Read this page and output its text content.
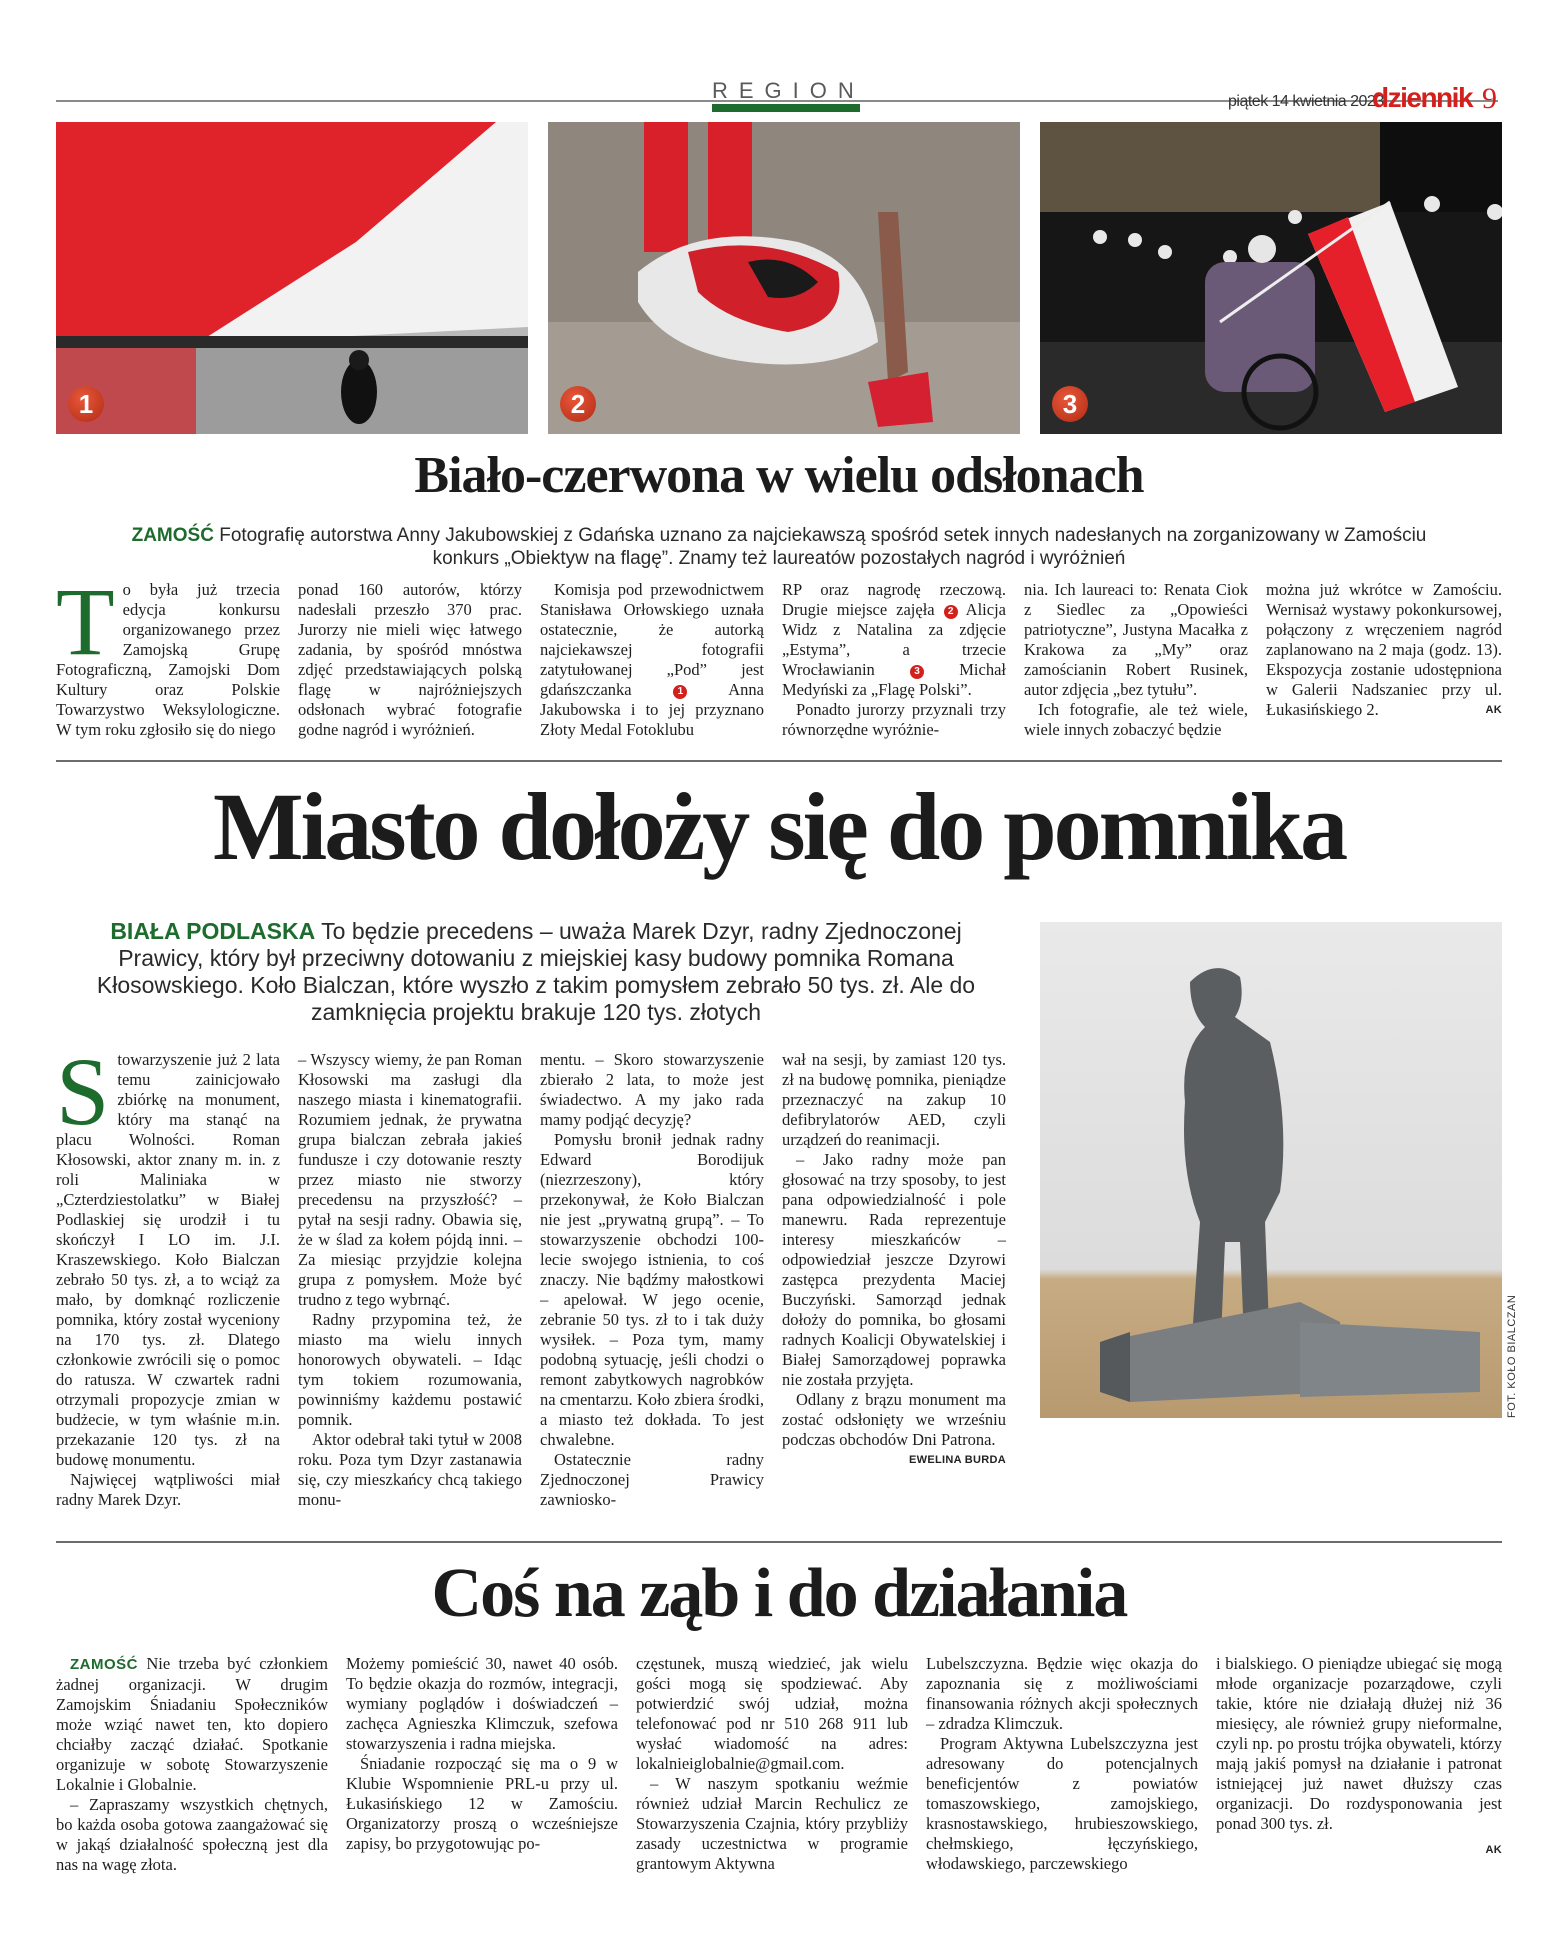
REGION	piątek 14 kwietnia 2023
dziennik 9
1	2	3
Biało-czerwona w wielu odsłonach
ZAMOŚĆ Fotografię autorstwa Anny Jakubowskiej z Gdańska uznano za najciekawszą spośród setek innych nadesłanych na zorganizowany w Zamościu
konkurs „Obiektyw na flagę”. Znamy też laureatów pozostałych nagród i wyróżnień
T o była już trzecia edycja konkursu organizowanego przez Zamojską Grupę Fotograficzną, Zamojski Dom Kultury oraz Polskie Towarzystwo Weksylologiczne. W tym roku zgłosiło się do niego

ponad 160 autorów, którzy nadesłali przeszło 370 prac. Jurorzy nie mieli więc łatwego zadania, by spośród mnóstwa zdjęć przedstawiających polską flagę w najróżniejszych odsłonach wybrać fotografie godne nagród i wyróżnień.

Komisja pod przewodnictwem Stanisława Orłowskiego uznała ostatecznie, że autorką najciekawszej fotografii zatytułowanej „Pod” jest gdańszczanka	1	Anna Jakubowska i to jej przyznano Złoty Medal Fotoklubu

RP oraz nagrodę rzeczową. Drugie miejsce zajęła 2 Alicja Widz z Natalina za zdjęcie „Estyma”, a trzecie Wrocławianin	3 Michał Medyński za „Flagę Polski”.

Ponadto jurorzy przyznali trzy równorzędne wyróżnie-

nia. Ich laureaci to: Renata Ciok z Siedlec za „Opowieści patriotyczne”, Justyna Macałka z Krakowa za „My” oraz zamościanin Robert Rusinek, autor zdjęcia „bez tytułu”.

Ich fotografie, ale też wiele, wiele innych zobaczyć będzie

można już wkrótce w Zamościu. Wernisaż wystawy pokonkursowej, połączony z wręczeniem nagród zaplanowano na 2 maja (godz. 13). Ekspozycja zostanie udostępniona w Galerii Nadszaniec przy ul. Łukasińskiego 2.	AK

Miasto dołoży się do pomnika
BIAŁA PODLASKA To będzie precedens – uważa Marek Dzyr, radny Zjednoczonej
Prawicy, który był przeciwny dotowaniu z miejskiej kasy budowy pomnika Romana
Kłosowskiego. Koło Bialczan, które wyszło z takim pomysłem zebrało 50 tys. zł. Ale do
zamknięcia projektu brakuje 120 tys. złotych
S towarzyszenie już 2 lata temu zainicjowało zbiórkę na monument, który ma stanąć na placu Wolności. Roman Kłosowski, aktor znany m. in. z roli Maliniaka w „Czterdziestolatku” w Białej Podlaskiej się urodził i tu skończył I LO im. J.I. Kraszewskiego. Koło Bialczan zebrało 50 tys. zł, a to wciąż za mało, by domknąć rozliczenie pomnika, który został wyceniony na 170 tys. zł. Dlatego członkowie zwrócili się o pomoc do ratusza. W czwartek radni otrzymali propozycje zmian w budżecie, w tym właśnie m.in. przekazanie 120 tys. zł na budowę monumentu.

Najwięcej wątpliwości miał radny Marek Dzyr.

– Wszyscy wiemy, że pan Roman Kłosowski ma zasługi dla naszego miasta i kinematografii. Rozumiem jednak, że prywatna grupa bialczan zebrała jakieś fundusze i czy dotowanie reszty przez miasto nie stworzy precedensu na przyszłość? – pytał na sesji radny. Obawia się, że w ślad za kołem pójdą inni. – Za miesiąc przyjdzie kolejna grupa z pomysłem. Może być trudno z tego wybrnąć.

Radny przypomina też, że miasto ma wielu innych honorowych obywateli. – Idąc tym tokiem rozumowania, powinniśmy każdemu postawić pomnik.

Aktor odebrał taki tytuł w 2008 roku. Poza tym Dzyr zastanawia się, czy mieszkańcy chcą takiego monu-

mentu. – Skoro stowarzyszenie zbierało 2 lata, to może jest świadectwo. A my jako rada mamy podjąć decyzję?

Pomysłu bronił jednak radny Edward Borodijuk (niezrzeszony), który przekonywał, że Koło Bialczan nie jest „prywatną grupą”. – To stowarzyszenie obchodzi 100-lecie swojego istnienia, to coś znaczy. Nie bądźmy małostkowi – apelował. W jego ocenie, zebranie 50 tys. zł to i tak duży wysiłek. – Poza tym, mamy podobną sytuację, jeśli chodzi o remont zabytkowych nagrobków na cmentarzu. Koło zbiera środki, a miasto też dokłada. To jest chwalebne.

Ostatecznie radny Zjednoczonej Prawicy zawniosko-

wał na sesji, by zamiast 120 tys. zł na budowę pomnika, pieniądze przeznaczyć na zakup 10 defibrylatorów AED, czyli urządzeń do reanimacji.

– Jako radny może pan głosować na trzy sposoby, to jest pana odpowiedzialność i pole manewru. Rada reprezentuje interesy mieszkańców – odpowiedział jeszcze Dzyrowi zastępca prezydenta Maciej Buczyński. Samorząd jednak dołoży do pomnika, bo głosami radnych Koalicji Obywatelskiej i Białej Samorządowej poprawka nie została przyjęta.

Odlany z brązu monument ma zostać odsłonięty we wrześniu podczas obchodów Dni Patrona.

EWELINA BURDA
FOT. KOŁO BIALCZAN
Coś na ząb i do działania

ZAMOŚĆ Nie trzeba być członkiem żadnej organizacji. W drugim Zamojskim Śniadaniu Społeczników może wziąć nawet ten, kto dopiero chciałby zacząć działać. Spotkanie organizuje w sobotę Stowarzyszenie Lokalnie i Globalnie.

– Zapraszamy wszystkich chętnych, bo każda osoba gotowa zaangażować się w jakąś działalność społeczną jest dla nas na wagę złota.

Możemy pomieścić 30, nawet 40 osób. To będzie okazja do rozmów, integracji, wymiany poglądów i doświadczeń – zachęca Agnieszka Klimczuk, szefowa stowarzyszenia i radna miejska.

Śniadanie rozpocząć się ma o 9 w Klubie Wspomnienie PRL-u przy ul. Łukasińskiego 12 w Zamościu. Organizatorzy proszą o wcześniejsze zapisy, bo przygotowując po-

częstunek, muszą wiedzieć, jak wielu gości mogą się spodziewać. Aby potwierdzić swój udział, można telefonować pod nr 510 268 911 lub wysłać wiadomość na adres: lokalnieiglobalnie@gmail.com.

– W naszym spotkaniu weźmie również udział Marcin Rechulicz ze Stowarzyszenia Czajnia, który przybliży zasady uczestnictwa w programie grantowym Aktywna

Lubelszczyzna. Będzie więc okazja do zapoznania się z możliwościami finansowania różnych akcji społecznych – zdradza Klimczuk.

Program Aktywna Lubelszczyzna jest adresowany do potencjalnych beneficjentów z powiatów tomaszowskiego, zamojskiego, krasnostawskiego, hrubieszowskiego, chełmskiego, łęczyńskiego, włodawskiego, parczewskiego

i bialskiego. O pieniądze ubiegać się mogą młode organizacje pozarządowe, czyli takie, które nie działają dłużej niż 36 miesięcy, ale również grupy nieformalne, czyli np. po prostu trójka obywateli, którzy mają jakiś pomysł na działanie i patronat istniejącej już nawet dłuższy czas organizacji. Do rozdysponowania jest ponad 300 tys. zł.

AK
